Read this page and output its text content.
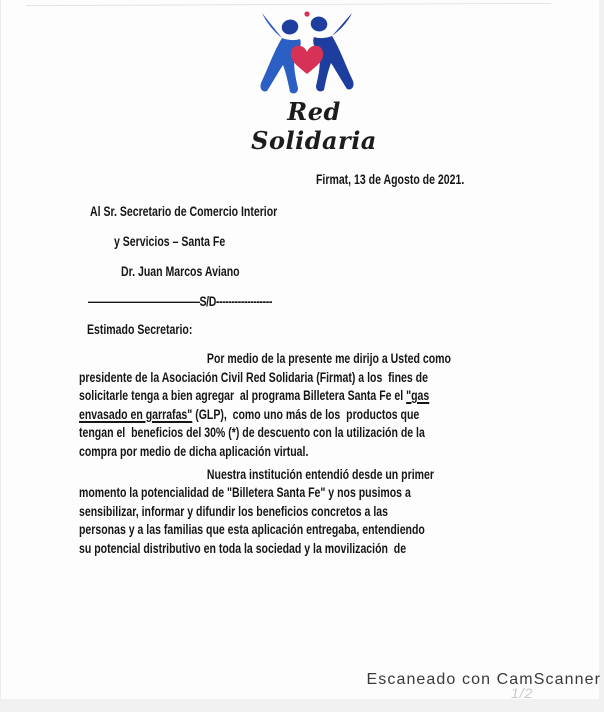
Red Solidaria
Firmat, 13 de Agosto de 2021.
Al Sr. Secretario de Comercio Interior
y Servicios – Santa Fe
Dr. Juan Marcos Aviano
———————————S/D------------------
Estimado Secretario:
Por medio de la presente me dirijo a Usted como
presidente de la Asociación Civil Red Solidaria (Firmat) a los  fines de
solicitarle tenga a bien agregar  al programa Billetera Santa Fe el "gas
envasado en garrafas" (GLP),  como uno más de los  productos que
tengan el  beneficios del 30% (*) de descuento con la utilización de la
compra por medio de dicha aplicación virtual.
Nuestra institución entendió desde un primer
momento la potencialidad de "Billetera Santa Fe" y nos pusimos a
sensibilizar, informar y difundir los beneficios concretos a las
personas y a las familias que esta aplicación entregaba, entendiendo
su potencial distributivo en toda la sociedad y la movilización  de
Escaneado con CamScanner
1/2
